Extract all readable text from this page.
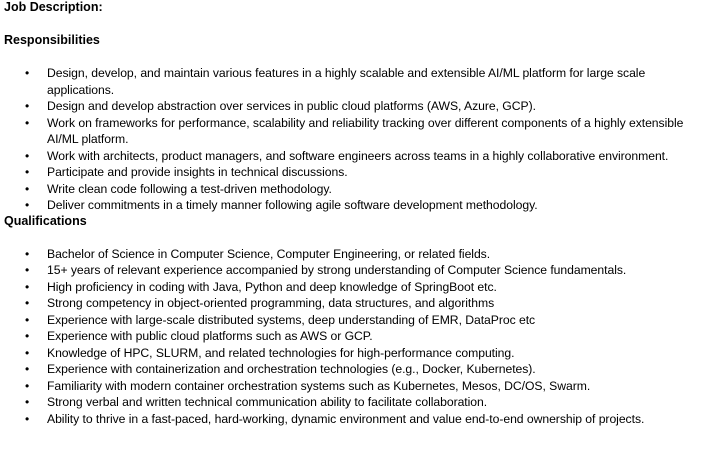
Job Description:

Responsibilities

• Design, develop, and maintain various features in a highly scalable and extensible AI/ML platform for large scale applications.
• Design and develop abstraction over services in public cloud platforms (AWS, Azure, GCP).
• Work on frameworks for performance, scalability and reliability tracking over different components of a highly extensible AI/ML platform.
• Work with architects, product managers, and software engineers across teams in a highly collaborative environment.
• Participate and provide insights in technical discussions.
• Write clean code following a test-driven methodology.
• Deliver commitments in a timely manner following agile software development methodology.

Qualifications

• Bachelor of Science in Computer Science, Computer Engineering, or related fields.
• 15+ years of relevant experience accompanied by strong understanding of Computer Science fundamentals.
• High proficiency in coding with Java, Python and deep knowledge of SpringBoot etc.
• Strong competency in object-oriented programming, data structures, and algorithms
• Experience with large-scale distributed systems, deep understanding of EMR, DataProc etc
• Experience with public cloud platforms such as AWS or GCP.
• Knowledge of HPC, SLURM, and related technologies for high-performance computing.
• Experience with containerization and orchestration technologies (e.g., Docker, Kubernetes).
• Familiarity with modern container orchestration systems such as Kubernetes, Mesos, DC/OS, Swarm.
• Strong verbal and written technical communication ability to facilitate collaboration.
• Ability to thrive in a fast-paced, hard-working, dynamic environment and value end-to-end ownership of projects.
